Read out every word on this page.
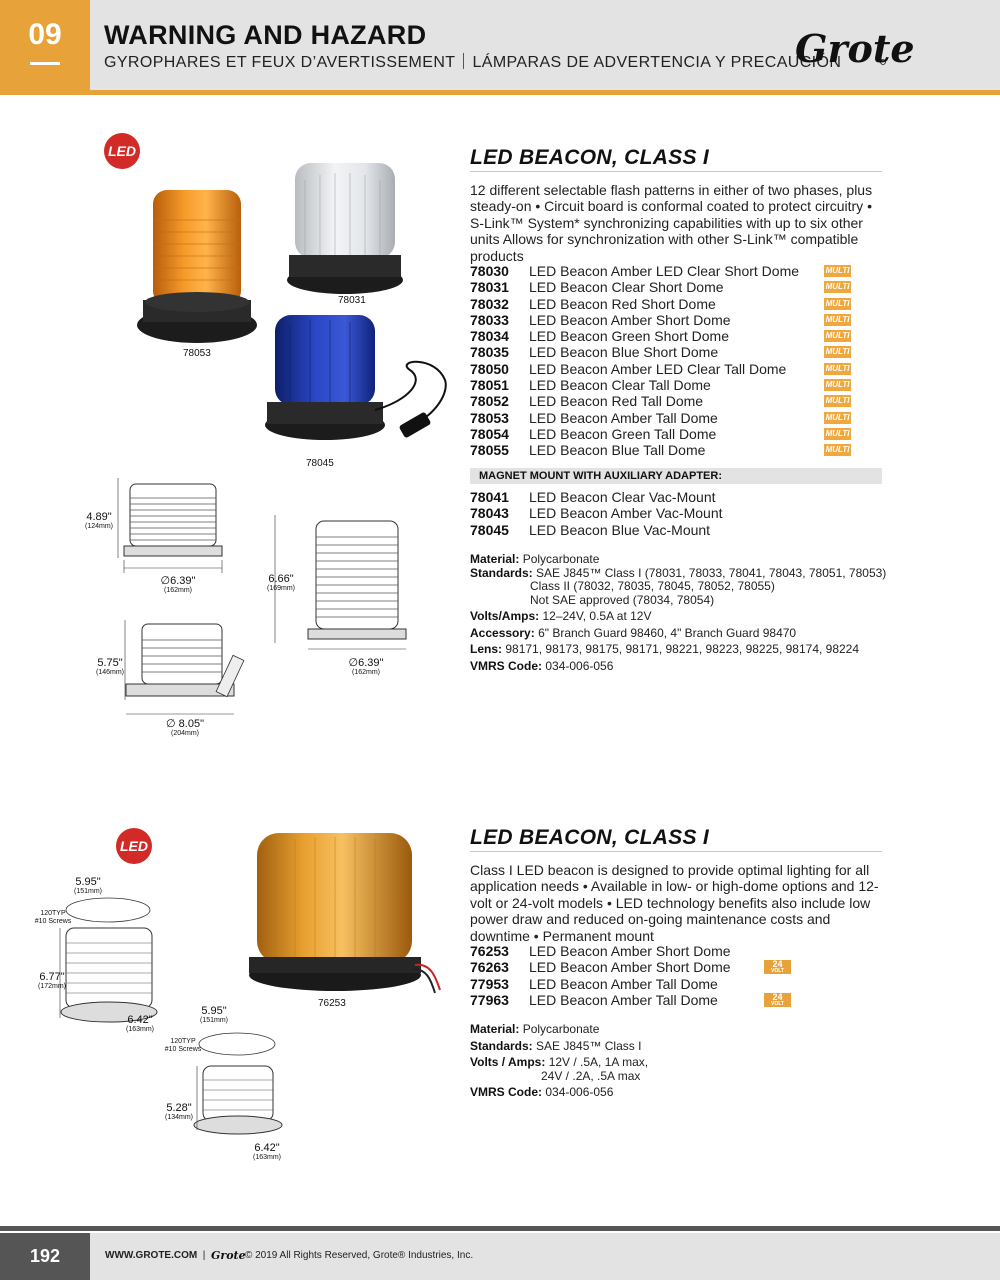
09	WARNING AND HAZARD
GYROPHARES ET FEUX D’AVERTISSEMENT LÁMPARAS DE ADVERTENCIA Y PRECAUCIÓN
Grote
LED
78053
78031
78045
4.89"
(124mm)
∅6.39"
(162mm)
6.66"
(169mm)
∅6.39"
(162mm)
5.75"
(146mm)
∅ 8.05"
(204mm)
LED BEACON, CLASS I
12 different selectable flash patterns in either of two phases, plus steady-on • Circuit board is conformal coated to protect circuitry • S-Link™ System* synchronizing capabilities with up to six other units Allows for synchronization with other S-Link™ compatible products
78030 LED Beacon Amber LED Clear Short Dome	MULTI
78031 LED Beacon Clear Short Dome	MULTI
78032 LED Beacon Red Short Dome	MULTI
78033 LED Beacon Amber Short Dome	MULTI
78034 LED Beacon Green Short Dome	MULTI
78035 LED Beacon Blue Short Dome	MULTI
78050 LED Beacon Amber LED Clear Tall Dome	MULTI
78051 LED Beacon Clear Tall Dome	MULTI
78052 LED Beacon Red Tall Dome	MULTI
78053 LED Beacon Amber Tall Dome	MULTI
78054 LED Beacon Green Tall Dome	MULTI
78055 LED Beacon Blue Tall Dome	MULTI
MAGNET MOUNT WITH AUXILIARY ADAPTER:
78041 LED Beacon Clear Vac-Mount
78043 LED Beacon Amber Vac-Mount
78045 LED Beacon Blue Vac-Mount
Material: Polycarbonate
Standards: SAE J845™ Class I (78031, 78033, 78041, 78043, 78051, 78053)
Class II (78032, 78035, 78045, 78052, 78055)
Not SAE approved (78034, 78054)
Volts/Amps: 12–24V, 0.5A at 12V
Accessory: 6" Branch Guard 98460, 4" Branch Guard 98470
Lens: 98171, 98173, 98175, 98171, 98221, 98223, 98225, 98174, 98224
VMRS Code: 034-006-056
LED
5.95"
(151mm)
120TYP
#10 Screws
6.77"
(172mm)
6.42"
(163mm)
5.95"
(151mm)
120TYP
#10 Screws
5.28"
(134mm)
6.42"
(163mm)
76253
LED BEACON, CLASS I
Class I LED beacon is designed to provide optimal lighting for all application needs • Available in low- or high-dome options and 12-volt or 24-volt models • LED technology benefits also include low power draw and reduced on-going maintenance costs and downtime • Permanent mount
76253 LED Beacon Amber Short Dome
76263 LED Beacon Amber Short Dome	24
VOLT
77953 LED Beacon Amber Tall Dome
77963 LED Beacon Amber Tall Dome	24
VOLT
Material: Polycarbonate
Standards: SAE J845™ Class I
Volts / Amps: 12V / .5A, 1A max,
24V / .2A, .5A max
VMRS Code: 034-006-056
192	WWW.GROTE.COM  | Grote © 2019 All Rights Reserved, Grote® Industries, Inc.
